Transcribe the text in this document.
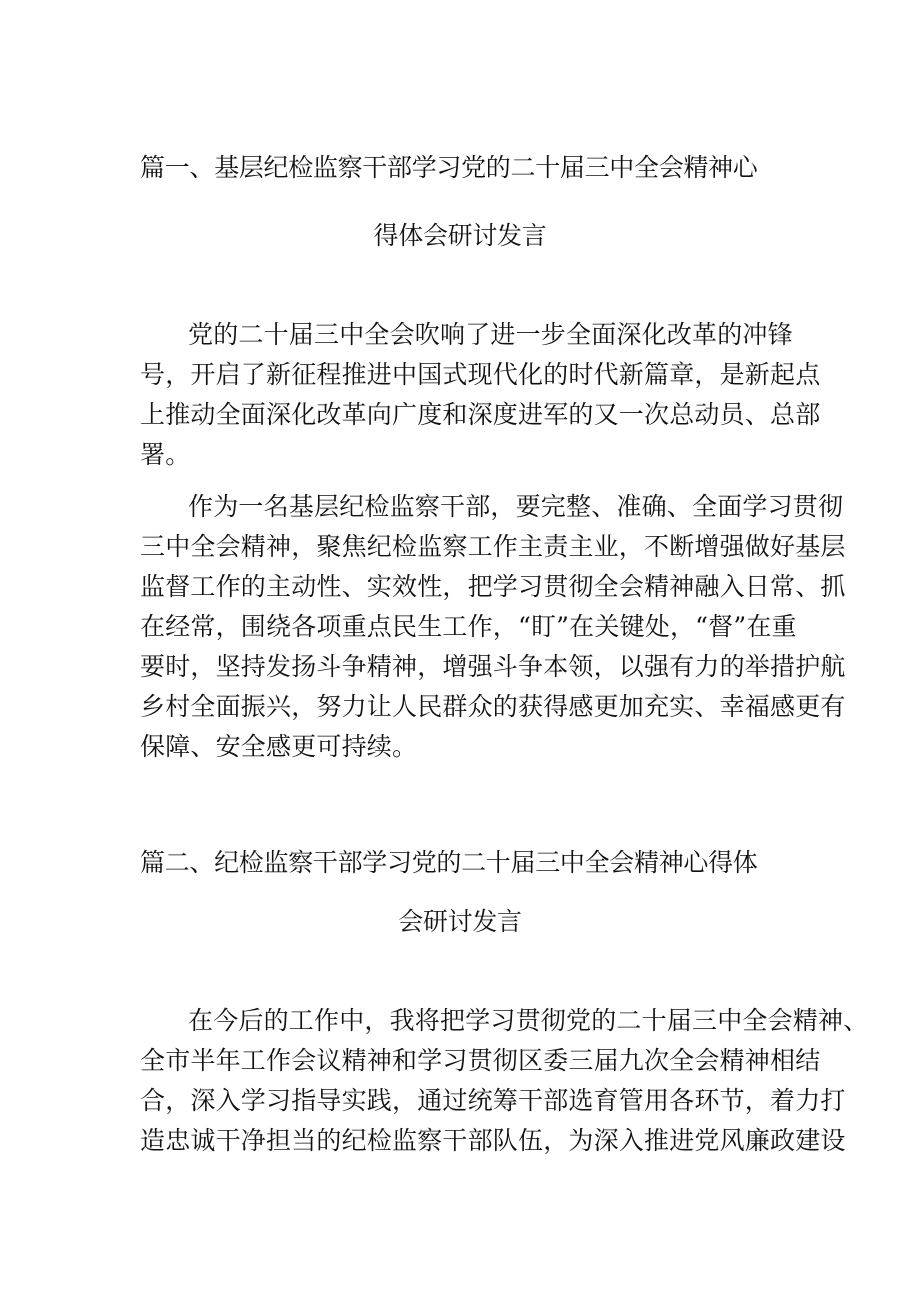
篇一、基层纪检监察干部学习党的二十届三中全会精神心
得体会研讨发言
党的二十届三中全会吹响了进一步全面深化改革的冲锋
号，开启了新征程推进中国式现代化的时代新篇章，是新起点
上推动全面深化改革向广度和深度进军的又一次总动员、总部
署。
作为一名基层纪检监察干部，要完整、准确、全面学习贯彻
三中全会精神，聚焦纪检监察工作主责主业，不断增强做好基层
监督工作的主动性、实效性，把学习贯彻全会精神融入日常、抓
在经常，围绕各项重点民生工作，“盯”在关键处，“督”在重
要时，坚持发扬斗争精神，增强斗争本领，以强有力的举措护航
乡村全面振兴，努力让人民群众的获得感更加充实、幸福感更有
保障、安全感更可持续。
篇二、纪检监察干部学习党的二十届三中全会精神心得体
会研讨发言
在今后的工作中，我将把学习贯彻党的二十届三中全会精神、
全市半年工作会议精神和学习贯彻区委三届九次全会精神相结
合，深入学习指导实践，通过统筹干部选育管用各环节，着力打
造忠诚干净担当的纪检监察干部队伍，为深入推进党风廉政建设
